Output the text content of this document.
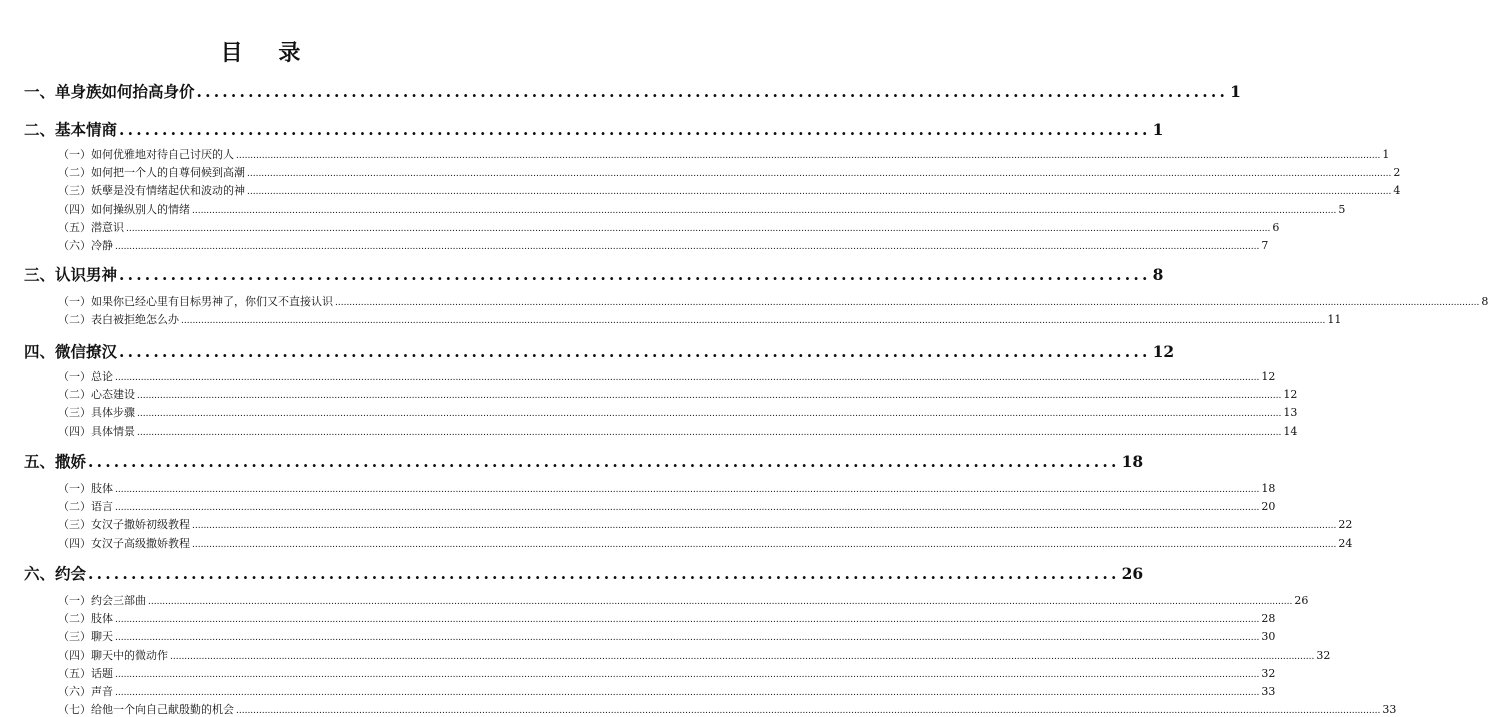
目 录
一、单身族如何抬高身价 ........................................................................................................................ 1
二、基本情商 ........................................................................................................................ 1
（一）如何优雅地对待自己讨厌的人 ................................................................................................................................................................................................................................................................................................................................................................................................................ 1
（二）如何把一个人的自尊伺候到高潮 ................................................................................................................................................................................................................................................................................................................................................................................................................ 2
（三）妖孽是没有情绪起伏和波动的神 ................................................................................................................................................................................................................................................................................................................................................................................................................ 4
（四）如何操纵别人的情绪 ................................................................................................................................................................................................................................................................................................................................................................................................................ 5
（五）潜意识 ................................................................................................................................................................................................................................................................................................................................................................................................................ 6
（六）冷静 ................................................................................................................................................................................................................................................................................................................................................................................................................ 7
三、认识男神 ........................................................................................................................ 8
（一）如果你已经心里有目标男神了，你们又不直接认识 ................................................................................................................................................................................................................................................................................................................................................................................................................ 8
（二）表白被拒绝怎么办 ................................................................................................................................................................................................................................................................................................................................................................................................................ 11
四、微信撩汉 ........................................................................................................................ 12
（一）总论 ................................................................................................................................................................................................................................................................................................................................................................................................................ 12
（二）心态建设 ................................................................................................................................................................................................................................................................................................................................................................................................................ 12
（三）具体步骤 ................................................................................................................................................................................................................................................................................................................................................................................................................ 13
（四）具体情景 ................................................................................................................................................................................................................................................................................................................................................................................................................ 14
五、撒娇 ........................................................................................................................ 18
（一）肢体 ................................................................................................................................................................................................................................................................................................................................................................................................................ 18
（二）语言 ................................................................................................................................................................................................................................................................................................................................................................................................................ 20
（三）女汉子撒娇初级教程 ................................................................................................................................................................................................................................................................................................................................................................................................................ 22
（四）女汉子高级撒娇教程 ................................................................................................................................................................................................................................................................................................................................................................................................................ 24
六、约会 ........................................................................................................................ 26
（一）约会三部曲 ................................................................................................................................................................................................................................................................................................................................................................................................................ 26
（二）肢体 ................................................................................................................................................................................................................................................................................................................................................................................................................ 28
（三）聊天 ................................................................................................................................................................................................................................................................................................................................................................................................................ 30
（四）聊天中的微动作 ................................................................................................................................................................................................................................................................................................................................................................................................................ 32
（五）话题 ................................................................................................................................................................................................................................................................................................................................................................................................................ 32
（六）声音 ................................................................................................................................................................................................................................................................................................................................................................................................................ 33
（七）给他一个向自己献殷勤的机会 ................................................................................................................................................................................................................................................................................................................................................................................................................ 33
